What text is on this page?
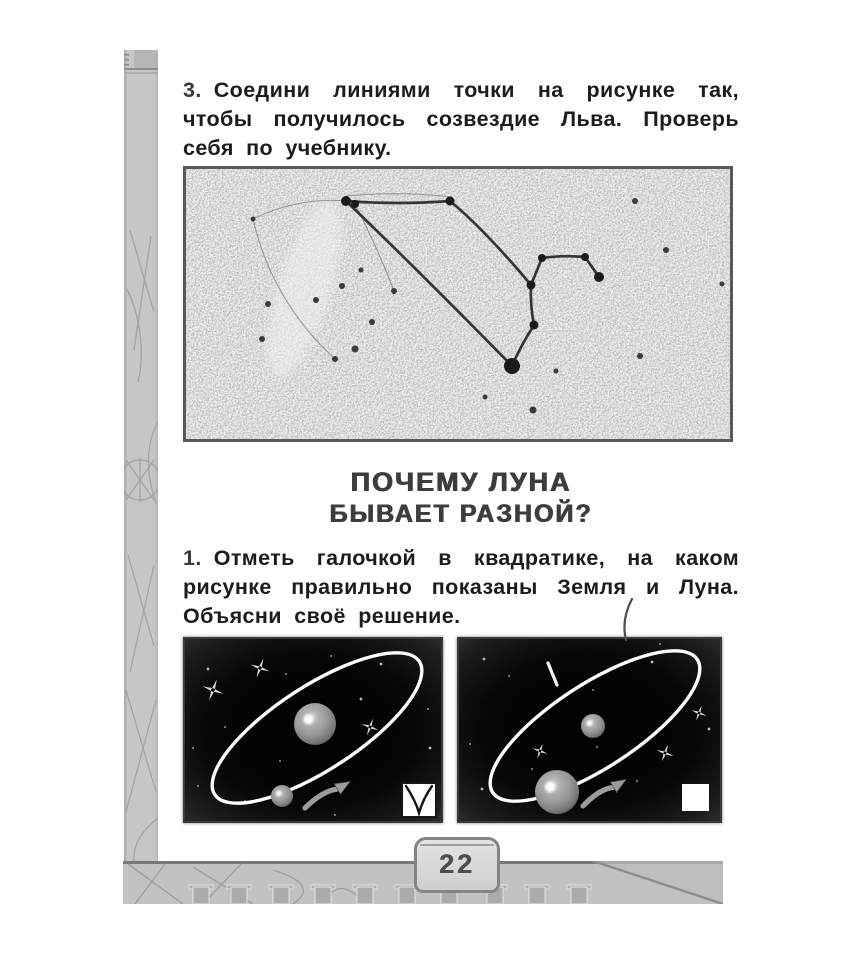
22
3. Соедини линиями точки на рисунке так,
чтобы получилось созвездие Льва. Проверь
себя по учебнику.
ПОЧЕМУ ЛУНА
БЫВАЕТ РАЗНОЙ?
1. Отметь галочкой в квадратике, на каком
рисунке правильно показаны Земля и Луна.
Объясни своё решение.
